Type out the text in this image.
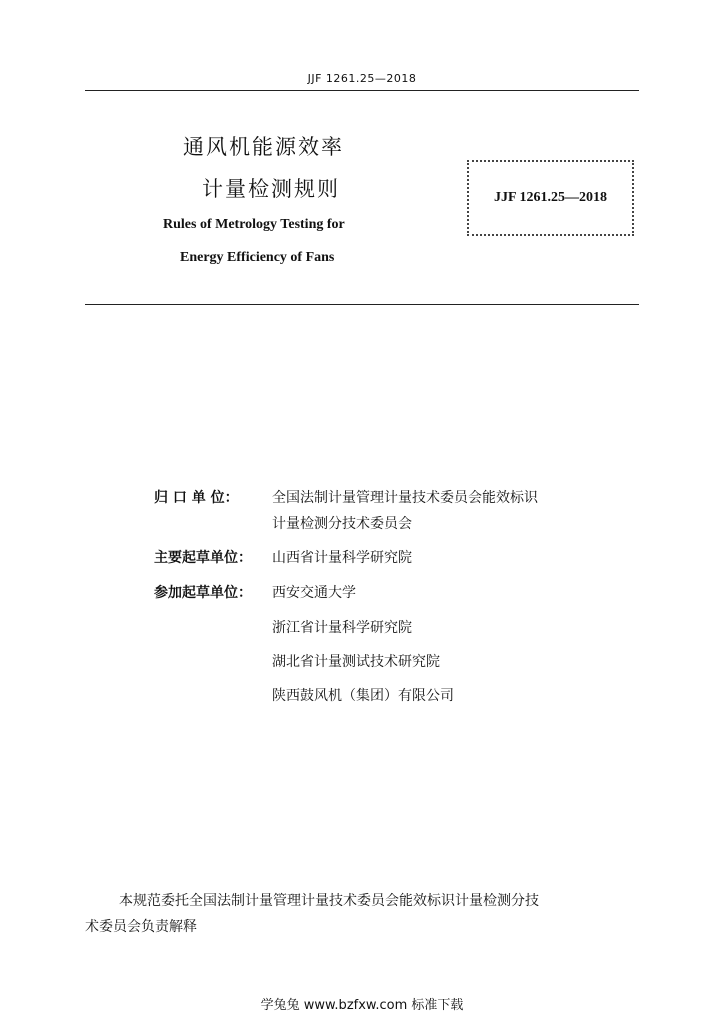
JJF 1261.25—2018
通风机能源效率
计量检测规则
Rules of Metrology Testing for
Energy Efficiency of Fans
JJF 1261.25—2018
归 口 单 位： 全国法制计量管理计量技术委员会能效标识
计量检测分技术委员会
主要起草单位： 山西省计量科学研究院
参加起草单位： 西安交通大学
浙江省计量科学研究院
湖北省计量测试技术研究院
陕西鼓风机（集团）有限公司
本规范委托全国法制计量管理计量技术委员会能效标识计量检测分技
术委员会负责解释
学兔兔 www.bzfxw.com 标准下载
